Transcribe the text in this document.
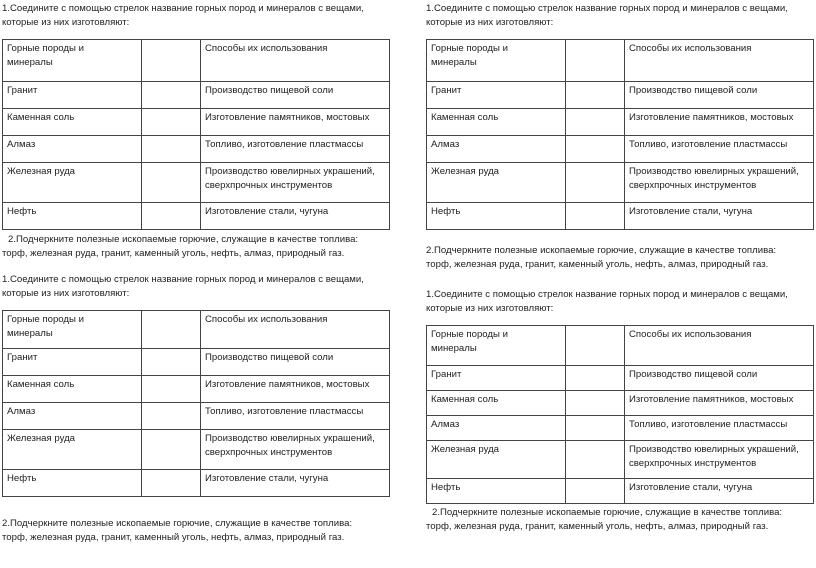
1.Соедините с помощью стрелок название горных пород и минералов с вещами,
которые из них изготовляют:

Горные породы и
минералы		Способы их использования
Гранит		Производство пищевой соли
Каменная соль		Изготовление памятников, мостовых
Алмаз		Топливо, изготовление пластмассы
Железная руда		Производство ювелирных украшений,
сверхпрочных инструментов
Нефть		Изготовление стали, чугуна

2.Подчеркните полезные ископаемые горючие, служащие в качестве топлива:
торф, железная руда, гранит, каменный уголь, нефть, алмаз, природный газ.

1.Соедините с помощью стрелок название горных пород и минералов с вещами,
которые из них изготовляют:

Горные породы и
минералы		Способы их использования
Гранит		Производство пищевой соли
Каменная соль		Изготовление памятников, мостовых
Алмаз		Топливо, изготовление пластмассы
Железная руда		Производство ювелирных украшений,
сверхпрочных инструментов
Нефть		Изготовление стали, чугуна

2.Подчеркните полезные ископаемые горючие, служащие в качестве топлива:
торф, железная руда, гранит, каменный уголь, нефть, алмаз, природный газ.

1.Соедините с помощью стрелок название горных пород и минералов с вещами,
которые из них изготовляют:

Горные породы и
минералы		Способы их использования
Гранит		Производство пищевой соли
Каменная соль		Изготовление памятников, мостовых
Алмаз		Топливо, изготовление пластмассы
Железная руда		Производство ювелирных украшений,
сверхпрочных инструментов
Нефть		Изготовление стали, чугуна

2.Подчеркните полезные ископаемые горючие, служащие в качестве топлива:
торф, железная руда, гранит, каменный уголь, нефть, алмаз, природный газ.

1.Соедините с помощью стрелок название горных пород и минералов с вещами,
которые из них изготовляют:

Горные породы и
минералы		Способы их использования
Гранит		Производство пищевой соли
Каменная соль		Изготовление памятников, мостовых
Алмаз		Топливо, изготовление пластмассы
Железная руда		Производство ювелирных украшений,
сверхпрочных инструментов
Нефть		Изготовление стали, чугуна

2.Подчеркните полезные ископаемые горючие, служащие в качестве топлива:
торф, железная руда, гранит, каменный уголь, нефть, алмаз, природный газ.
